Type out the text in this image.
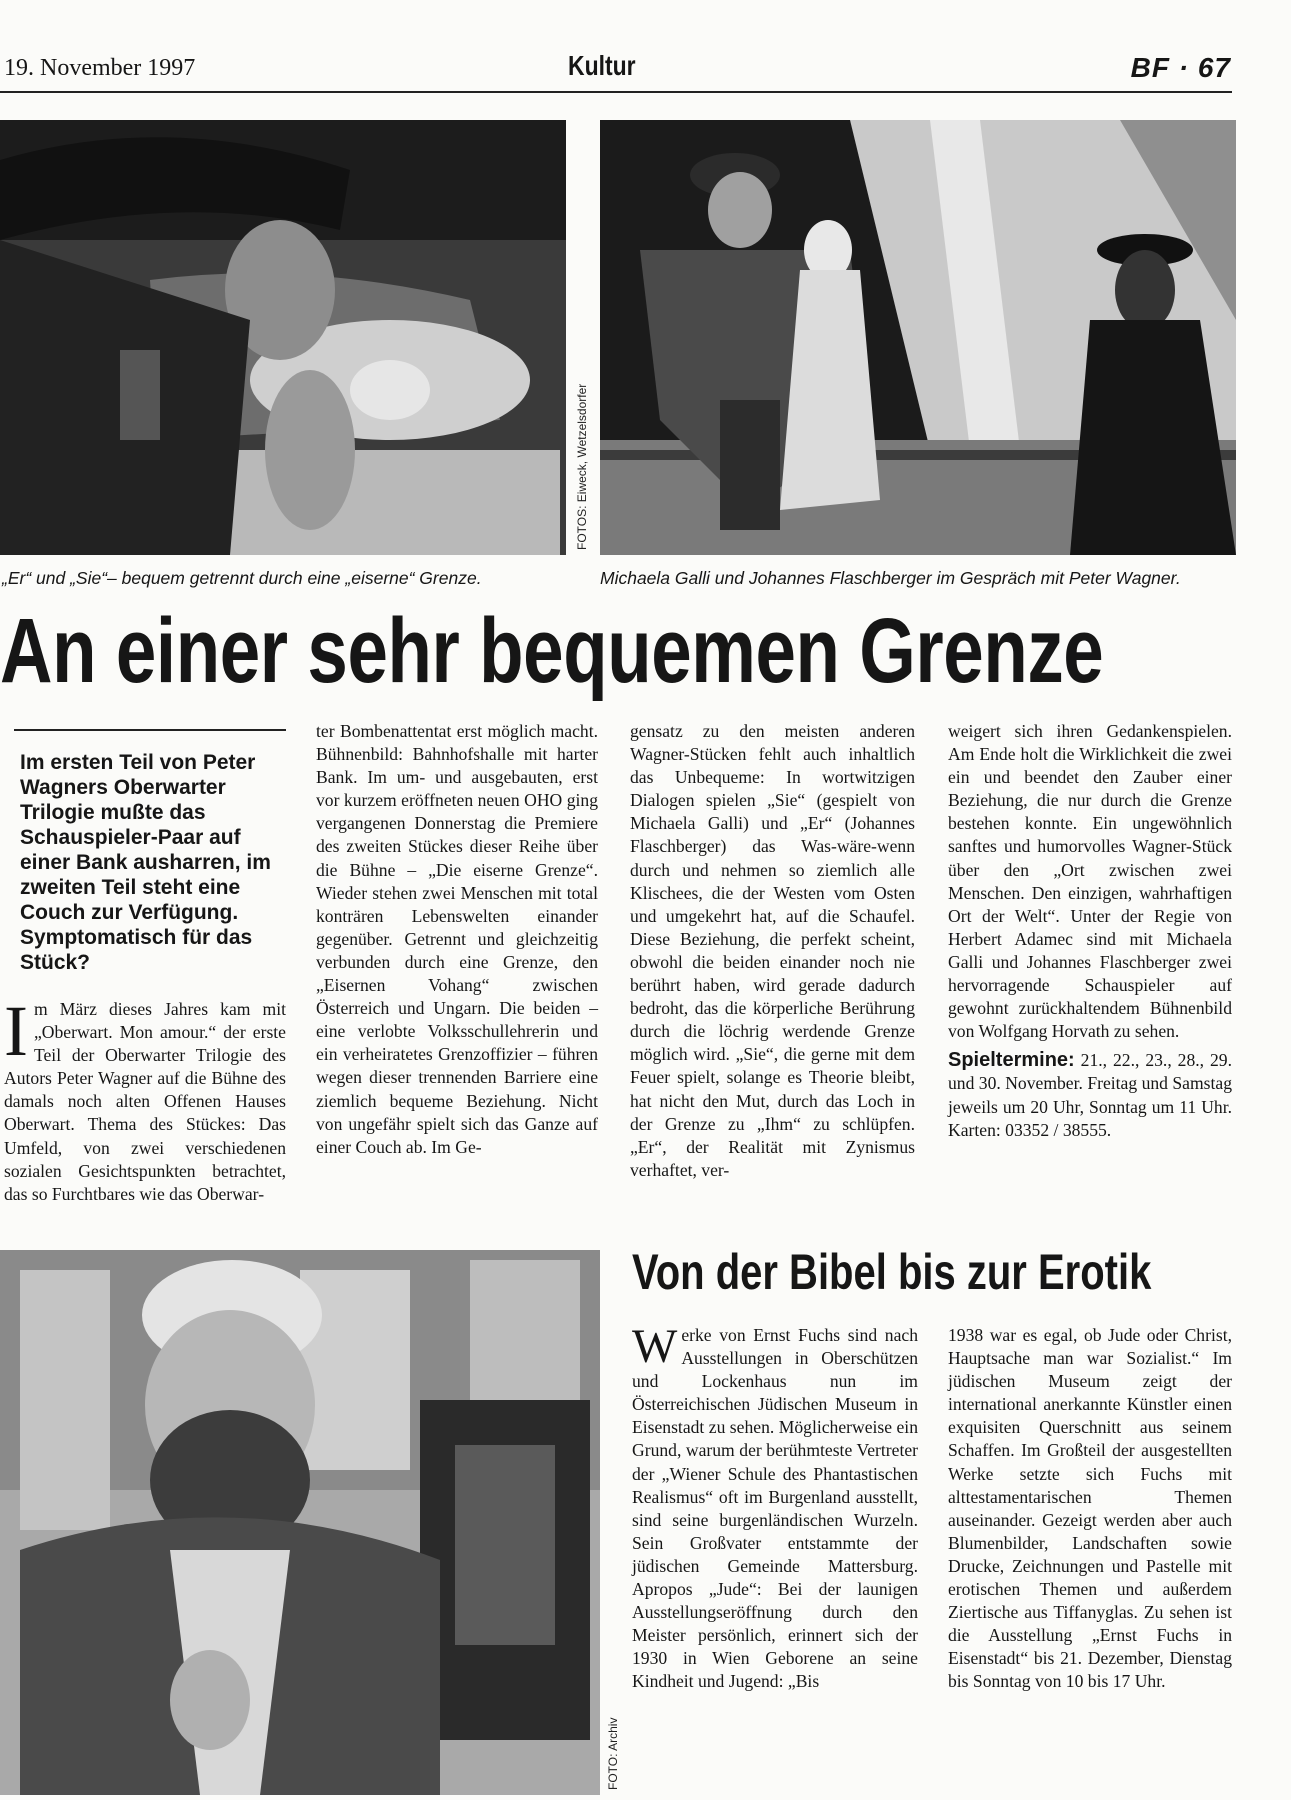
19. November 1997	Kultur	BF · 67
FOTOS: Eiweck, Wetzelsdorfer
„Er“ und „Sie“– bequem getrennt durch eine „eiserne“ Grenze.	Michaela Galli und Johannes Flaschberger im Gespräch mit Peter Wagner.
An einer sehr bequemen Grenze
Im ersten Teil von Peter Wagners Oberwarter Trilogie mußte das Schauspieler-Paar auf einer Bank ausharren, im zweiten Teil steht eine Couch zur Verfügung. Symptomatisch für das Stück?
Im März dieses Jahres kam mit „Oberwart. Mon amour.“ der erste Teil der Oberwarter Trilogie des Autors Peter Wagner auf die Bühne des damals noch alten Offenen Hauses Oberwart. Thema des Stückes: Das Umfeld, von zwei verschiedenen sozialen Gesichtspunkten betrachtet, das so Furchtbares wie das Oberwar-
ter Bombenattentat erst möglich macht. Bühnenbild: Bahnhofshalle mit harter Bank. Im um- und ausgebauten, erst vor kurzem eröffneten neuen OHO ging vergangenen Donnerstag die Premiere des zweiten Stückes dieser Reihe über die Bühne – „Die eiserne Grenze“. Wieder stehen zwei Menschen mit total konträren Lebenswelten einander gegenüber. Getrennt und gleichzeitig verbunden durch eine Grenze, den „Eisernen Vohang“ zwischen Österreich und Ungarn. Die beiden – eine verlobte Volksschullehrerin und ein verheiratetes Grenzoffizier – führen wegen dieser trennenden Barriere eine ziemlich bequeme Beziehung. Nicht von ungefähr spielt sich das Ganze auf einer Couch ab. Im Ge-
gensatz zu den meisten anderen Wagner-Stücken fehlt auch inhaltlich das Unbequeme: In wortwitzigen Dialogen spielen „Sie“ (gespielt von Michaela Galli) und „Er“ (Johannes Flaschberger) das Was-wäre-wenn durch und nehmen so ziemlich alle Klischees, die der Westen vom Osten und umgekehrt hat, auf die Schaufel. Diese Beziehung, die perfekt scheint, obwohl die beiden einander noch nie berührt haben, wird gerade dadurch bedroht, das die körperliche Berührung durch die löchrig werdende Grenze möglich wird. „Sie“, die gerne mit dem Feuer spielt, solange es Theorie bleibt, hat nicht den Mut, durch das Loch in der Grenze zu „Ihm“ zu schlüpfen. „Er“, der Realität mit Zynismus verhaftet, ver-
weigert sich ihren Gedankenspielen. Am Ende holt die Wirklichkeit die zwei ein und beendet den Zauber einer Beziehung, die nur durch die Grenze bestehen konnte. Ein ungewöhnlich sanftes und humorvolles Wagner-Stück über den „Ort zwischen zwei Menschen. Den einzigen, wahrhaftigen Ort der Welt“. Unter der Regie von Herbert Adamec sind mit Michaela Galli und Johannes Flaschberger zwei hervorragende Schauspieler auf gewohnt zurückhaltendem Bühnenbild von Wolfgang Horvath zu sehen.
Spieltermine: 21., 22., 23., 28., 29. und 30. November. Freitag und Samstag jeweils um 20 Uhr, Sonntag um 11 Uhr. Karten: 03352 / 38555.
FOTO: Archiv
Von der Bibel bis zur Erotik
Werke von Ernst Fuchs sind nach Ausstellungen in Oberschützen und Lockenhaus nun im Österreichischen Jüdischen Museum in Eisenstadt zu sehen. Möglicherweise ein Grund, warum der berühmteste Vertreter der „Wiener Schule des Phantastischen Realismus“ oft im Burgenland ausstellt, sind seine burgenländischen Wurzeln. Sein Großvater entstammte der jüdischen Gemeinde Mattersburg. Apropos „Jude“: Bei der launigen Ausstellungseröffnung durch den Meister persönlich, erinnert sich der 1930 in Wien Geborene an seine Kindheit und Jugend: „Bis
1938 war es egal, ob Jude oder Christ, Hauptsache man war Sozialist.“ Im jüdischen Museum zeigt der international anerkannte Künstler einen exquisiten Querschnitt aus seinem Schaffen. Im Großteil der ausgestellten Werke setzte sich Fuchs mit alttestamentarischen Themen auseinander. Gezeigt werden aber auch Blumenbilder, Landschaften sowie Drucke, Zeichnungen und Pastelle mit erotischen Themen und außerdem Ziertische aus Tiffanyglas. Zu sehen ist die Ausstellung „Ernst Fuchs in Eisenstadt“ bis 21. Dezember, Dienstag bis Sonntag von 10 bis 17 Uhr.
